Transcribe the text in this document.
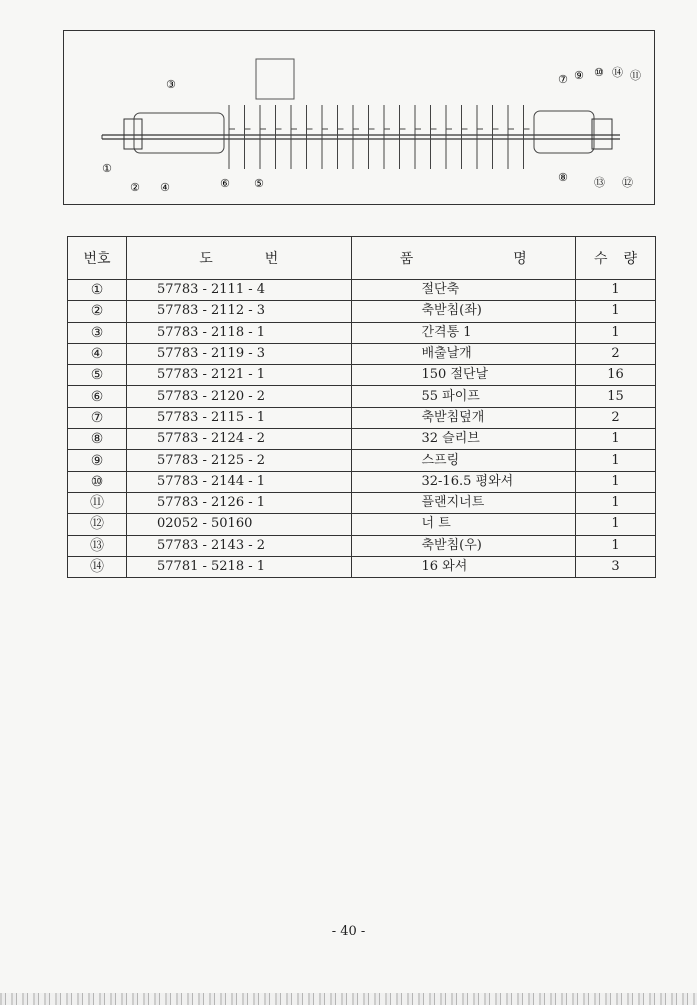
①
②
③
④	⑤
⑥
⑦
⑧
⑨ ⑩ ⑪
⑫
⑬
⑭
번호	도 번	품 명	수 량
①	57783 - 2111 - 4	절단축	1
②	57783 - 2112 - 3	축받침(좌)	1
③	57783 - 2118 - 1	간격통 1	1
④	57783 - 2119 - 3	배출날개	2
⑤	57783 - 2121 - 1	150 절단날	16
⑥	57783 - 2120 - 2	55 파이프	15
⑦	57783 - 2115 - 1	축받침덮개	2
⑧	57783 - 2124 - 2	32 슬리브	1
⑨	57783 - 2125 - 2	스프링	1
⑩	57783 - 2144 - 1	32-16.5 평와셔	1
⑪	57783 - 2126 - 1	플랜지너트	1
⑫	02052 - 50160	너 트	1
⑬	57783 - 2143 - 2	축받침(우)	1
⑭	57781 - 5218 - 1	16 와셔	3
- 40 -
